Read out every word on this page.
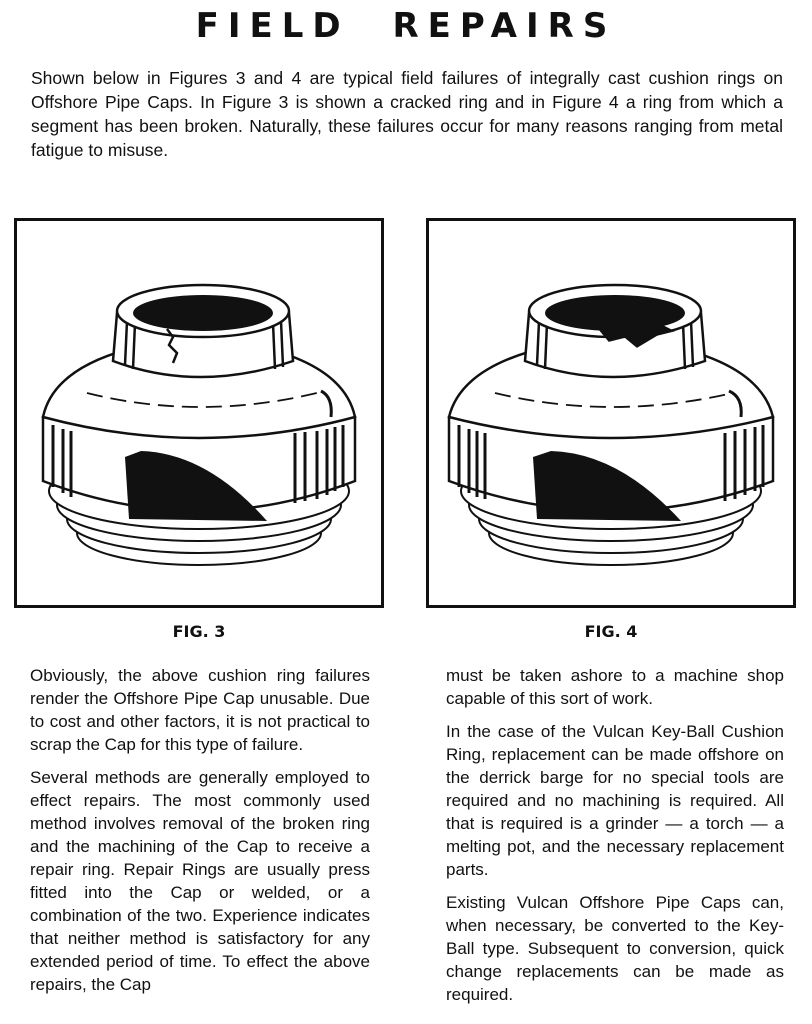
FIELD REPAIRS

Shown below in Figures 3 and 4 are typical field failures of integrally cast cushion rings on Offshore Pipe Caps. In Figure 3 is shown a cracked ring and in Figure 4 a ring from which a segment has been broken. Naturally, these failures occur for many reasons ranging from metal fatigue to misuse.

FIG. 3	FIG. 4

Obviously, the above cushion ring failures render the Offshore Pipe Cap unusable. Due to cost and other factors, it is not practical to scrap the Cap for this type of failure.

Several methods are generally employed to effect repairs. The most commonly used method involves removal of the broken ring and the machining of the Cap to receive a repair ring. Repair Rings are usually press fitted into the Cap or welded, or a combination of the two. Experience indicates that neither method is satisfactory for any extended period of time. To effect the above repairs, the Cap

must be taken ashore to a machine shop capable of this sort of work.

In the case of the Vulcan Key-Ball Cushion Ring, replacement can be made offshore on the derrick barge for no special tools are required and no machining is required. All that is required is a grinder — a torch — a melting pot, and the necessary replacement parts.

Existing Vulcan Offshore Pipe Caps can, when necessary, be converted to the Key-Ball type. Subsequent to conversion, quick change replacements can be made as required.
